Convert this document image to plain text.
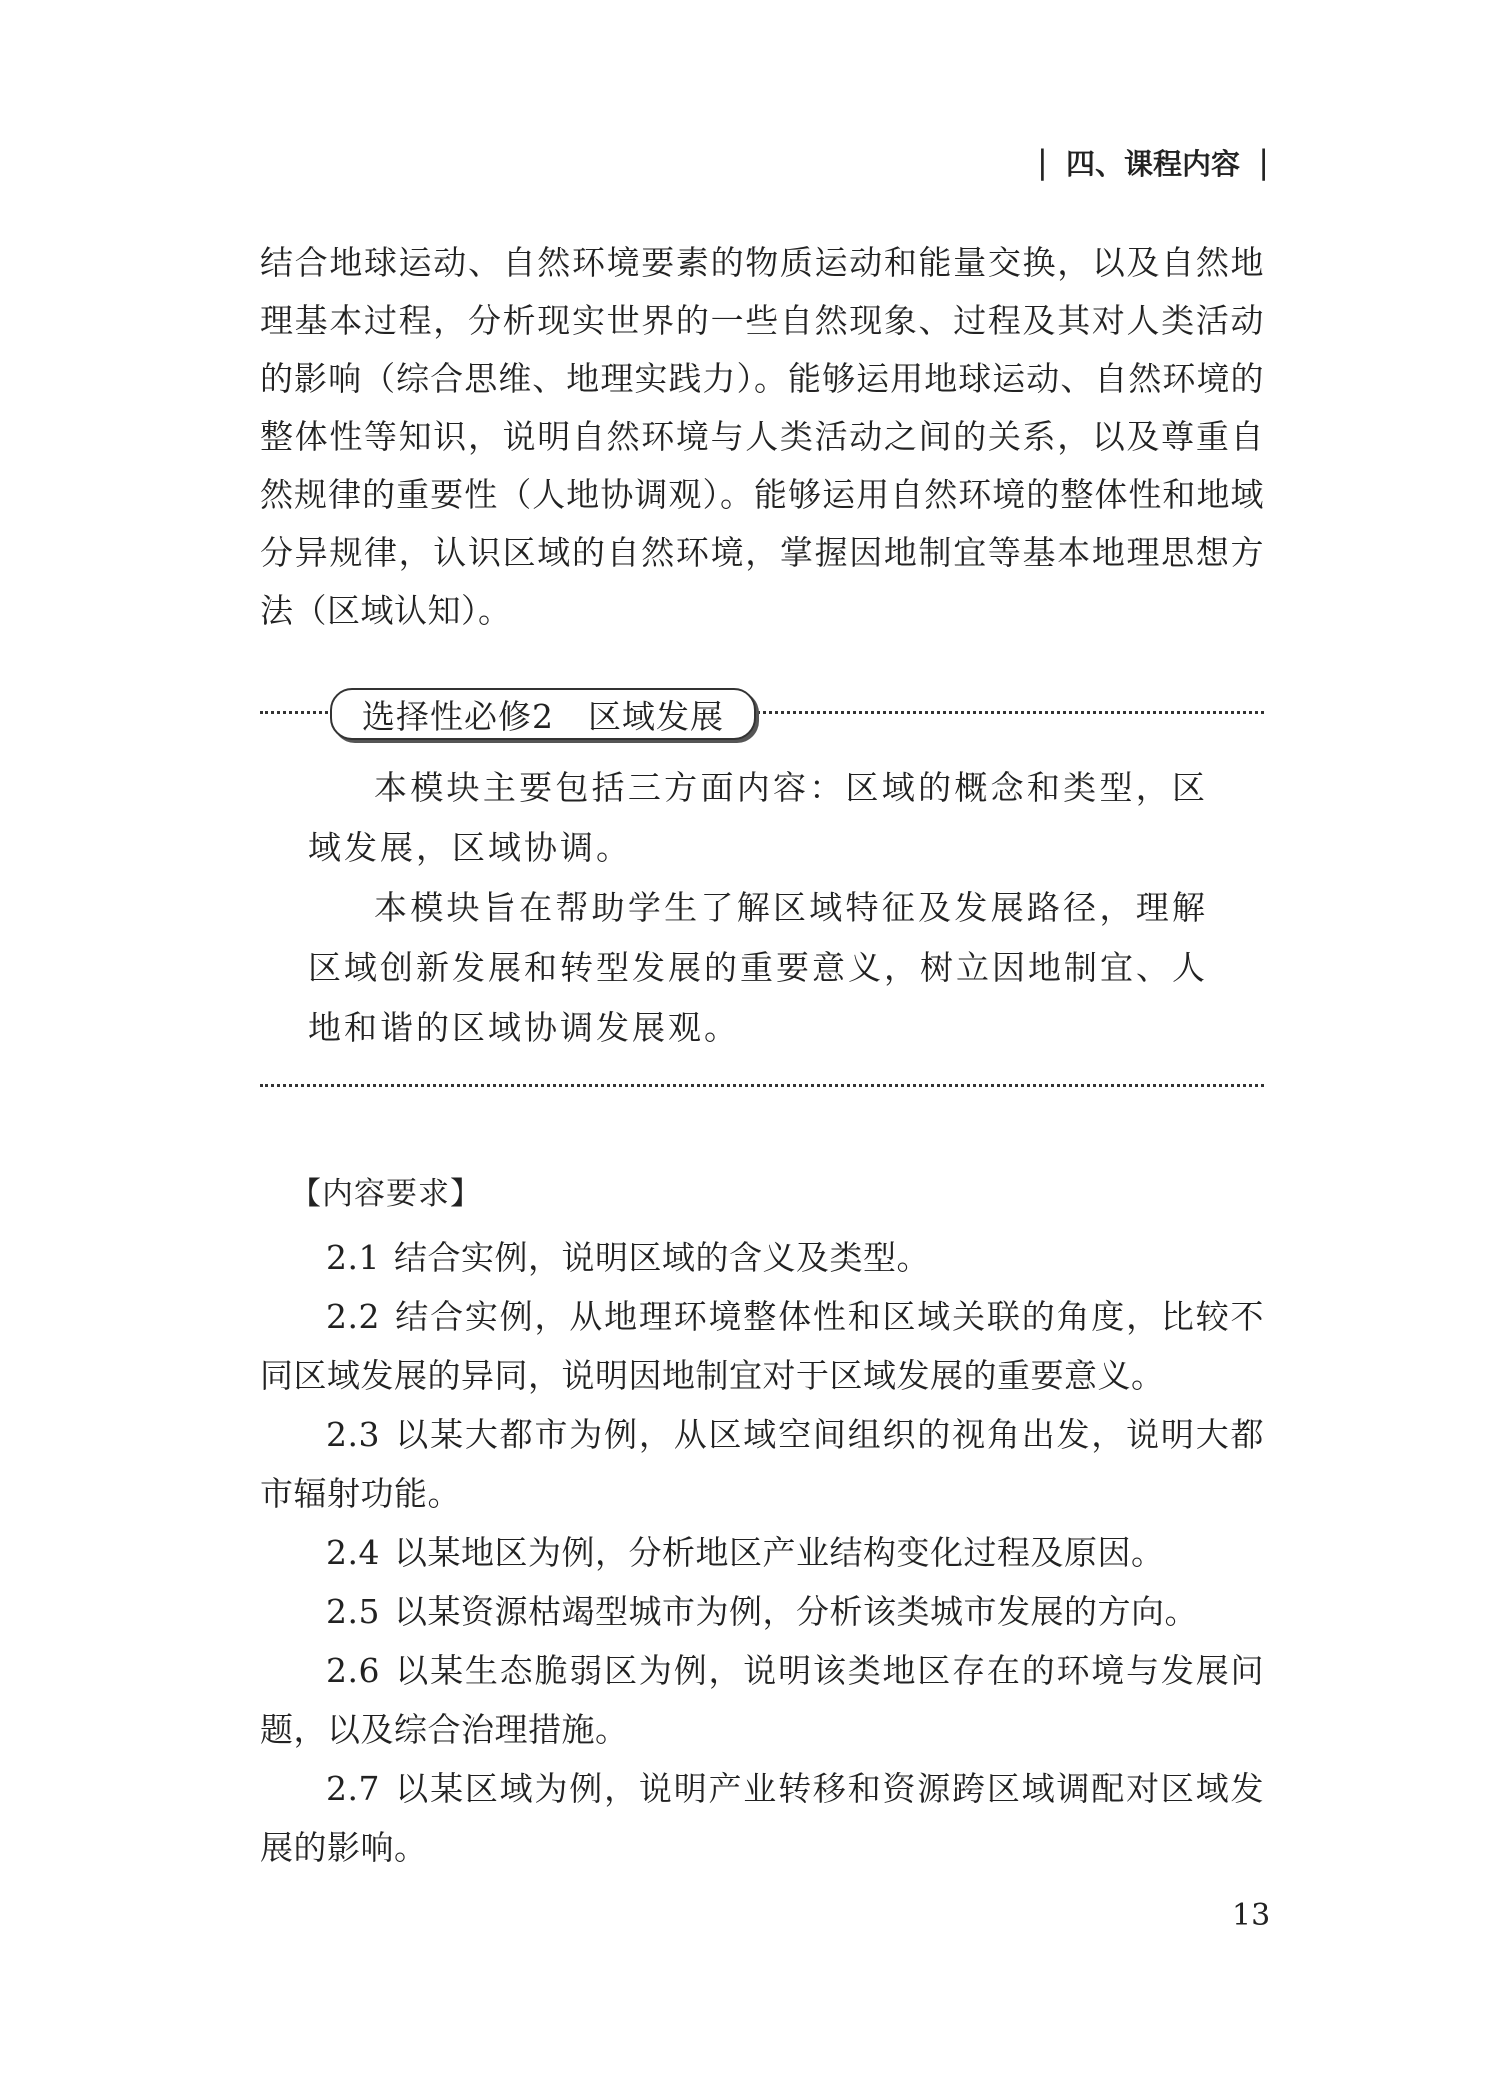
| 四、课程内容 |

结合地球运动、自然环境要素的物质运动和能量交换，以及自然地理基本过程，分析现实世界的一些自然现象、过程及其对人类活动的影响（综合思维、地理实践力）。能够运用地球运动、自然环境的整体性等知识，说明自然环境与人类活动之间的关系，以及尊重自然规律的重要性（人地协调观）。能够运用自然环境的整体性和地域分异规律，认识区域的自然环境，掌握因地制宜等基本地理思想方法（区域认知）。

选择性必修2　区域发展

本模块主要包括三方面内容：区域的概念和类型，区域发展，区域协调。

本模块旨在帮助学生了解区域特征及发展路径，理解区域创新发展和转型发展的重要意义，树立因地制宜、人地和谐的区域协调发展观。

【内容要求】

2.1 结合实例，说明区域的含义及类型。

2.2 结合实例，从地理环境整体性和区域关联的角度，比较不同区域发展的异同，说明因地制宜对于区域发展的重要意义。

2.3 以某大都市为例，从区域空间组织的视角出发，说明大都市辐射功能。

2.4 以某地区为例，分析地区产业结构变化过程及原因。

2.5 以某资源枯竭型城市为例，分析该类城市发展的方向。

2.6 以某生态脆弱区为例，说明该类地区存在的环境与发展问题，以及综合治理措施。

2.7 以某区域为例，说明产业转移和资源跨区域调配对区域发展的影响。

13
